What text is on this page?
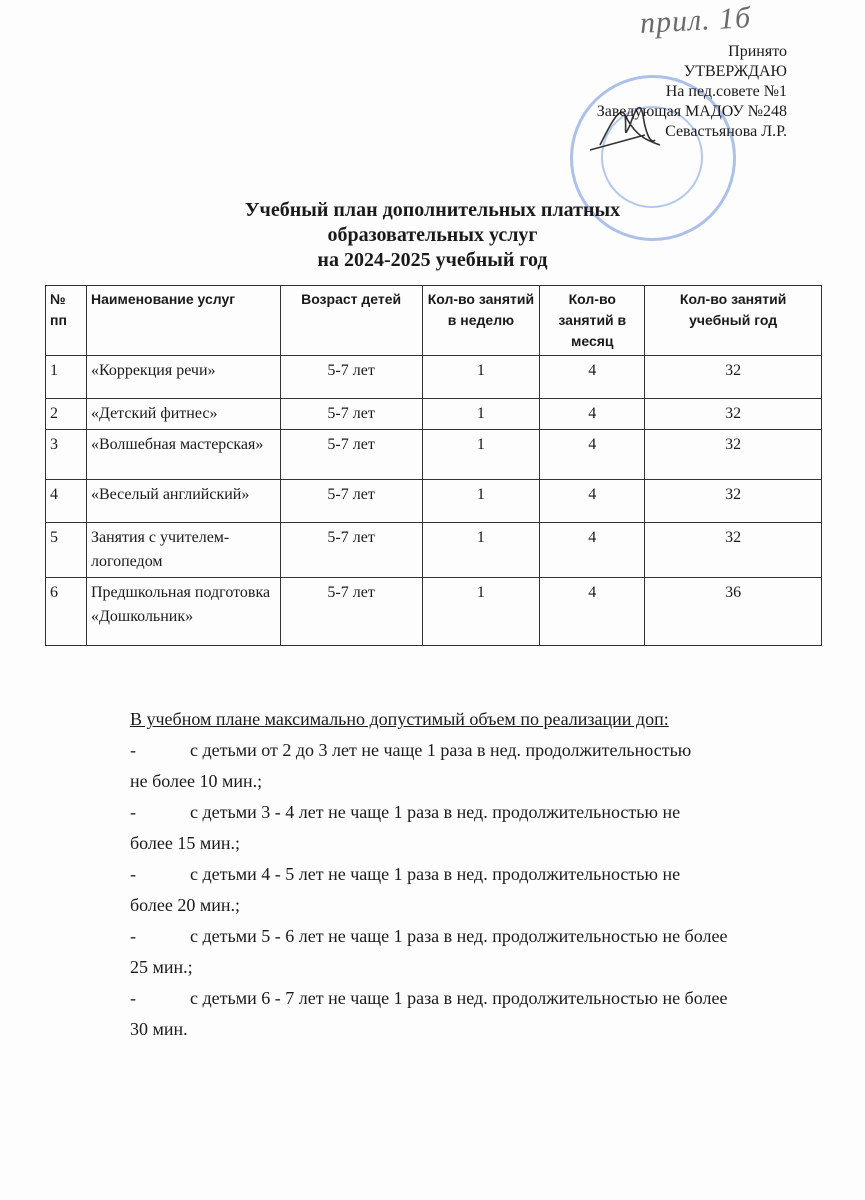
прил. 1б
Принято
УТВЕРЖДАЮ
На пед.совете №1
Заведующая МАДОУ №248
Севастьянова Л.Р.
Учебный план дополнительных платных
образовательных услуг
на 2024-2025 учебный год
№ пп	Наименование услуг	Возраст детей	Кол-во занятий в неделю	Кол-во занятий в месяц	Кол-во занятий учебный год
1	«Коррекция речи»	5-7 лет	1	4	32
2	«Детский фитнес»	5-7 лет	1	4	32
3	«Волшебная мастерская»	5-7 лет	1	4	32
4	«Веселый английский»	5-7 лет	1	4	32
5	Занятия с учителем-логопедом	5-7 лет	1	4	32
6	Предшкольная подготовка «Дошкольник»	5-7 лет	1	4	36
В учебном плане максимально допустимый объем по реализации доп:
-	с детьми от 2 до 3 лет не чаще 1 раза в нед. продолжительностью
не более 10 мин.;
-	с детьми 3 - 4 лет не чаще 1 раза в нед. продолжительностью не
более 15 мин.;
-	с детьми 4 - 5 лет не чаще 1 раза в нед. продолжительностью не
более 20 мин.;
-	с детьми 5 - 6 лет не чаще 1 раза в нед. продолжительностью не более
25 мин.;
-	с детьми 6 - 7 лет не чаще 1 раза в нед. продолжительностью не более
30 мин.
